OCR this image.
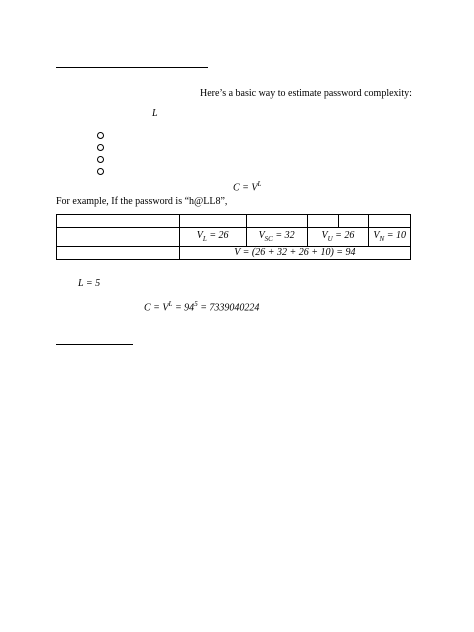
Here’s a basic way to estimate password complexity:
L
$C = V^L$
For example, If the password is “h@LL8”,

	$V_L = 26$	$V_{SC} = 32$	$V_U = 26$		$V_N = 10$
	V = (26 + 32 + 26 + 10) = 94				
L = 5
$C = V^L = 94^5 = 7339040224$
